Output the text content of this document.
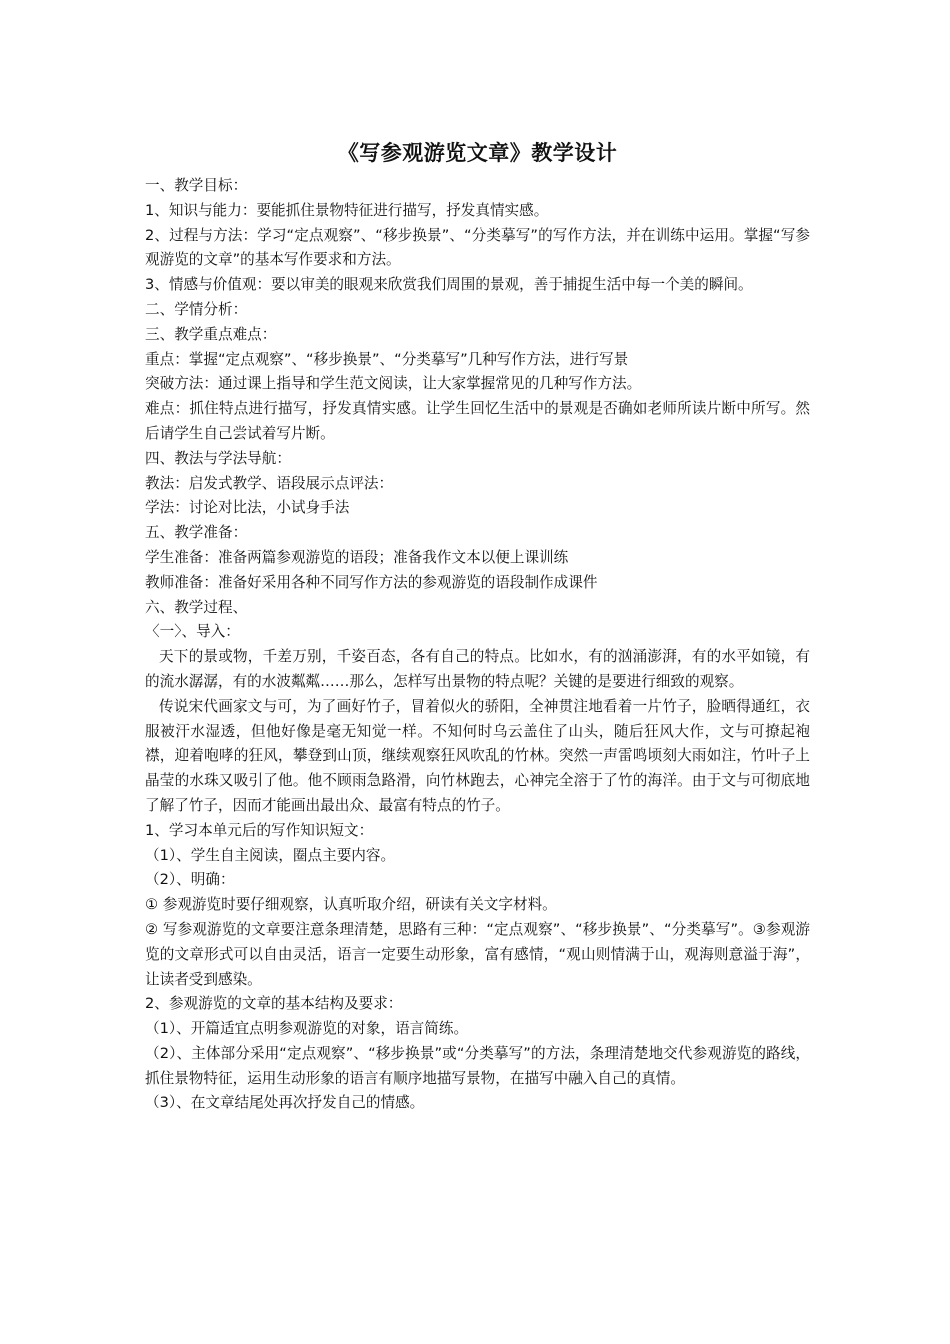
《写参观游览文章》教学设计

一、教学目标：

1、知识与能力：要能抓住景物特征进行描写，抒发真情实感。

2、过程与方法：学习“定点观察”、“移步换景”、“分类摹写”的写作方法，并在训练中运用。掌握“写参观游览的文章”的基本写作要求和方法。

3、情感与价值观：要以审美的眼观来欣赏我们周围的景观，善于捕捉生活中每一个美的瞬间。

二、学情分析：

三、教学重点难点：

重点：掌握“定点观察”、“移步换景”、“分类摹写”几种写作方法，进行写景

突破方法：通过课上指导和学生范文阅读，让大家掌握常见的几种写作方法。

难点：抓住特点进行描写，抒发真情实感。让学生回忆生活中的景观是否确如老师所读片断中所写。然后请学生自己尝试着写片断。

四、教法与学法导航：

教法：启发式教学、语段展示点评法：

学法：讨论对比法，小试身手法

五、教学准备：

学生准备：准备两篇参观游览的语段；准备我作文本以便上课训练

教师准备：准备好采用各种不同写作方法的参观游览的语段制作成课件

六、教学过程、

〈一〉、导入：

天下的景或物，千差万别，千姿百态，各有自己的特点。比如水，有的汹涌澎湃，有的水平如镜，有的流水潺潺，有的水波粼粼……那么，怎样写出景物的特点呢？关键的是要进行细致的观察。

传说宋代画家文与可，为了画好竹子，冒着似火的骄阳，全神贯注地看着一片竹子，脸晒得通红，衣服被汗水湿透，但他好像是毫无知觉一样。不知何时乌云盖住了山头，随后狂风大作，文与可撩起袍襟，迎着咆哮的狂风，攀登到山顶，继续观察狂风吹乱的竹林。突然一声雷鸣顷刻大雨如注，竹叶子上晶莹的水珠又吸引了他。他不顾雨急路滑，向竹林跑去，心神完全溶于了竹的海洋。由于文与可彻底地了解了竹子，因而才能画出最出众、最富有特点的竹子。

1、学习本单元后的写作知识短文：

（1）、学生自主阅读，圈点主要内容。

（2）、明确：

① 参观游览时要仔细观察，认真听取介绍，研读有关文字材料。

② 写参观游览的文章要注意条理清楚，思路有三种：“定点观察”、“移步换景”、“分类摹写”。③参观游览的文章形式可以自由灵活，语言一定要生动形象，富有感情，“观山则情满于山，观海则意溢于海”，让读者受到感染。

2、参观游览的文章的基本结构及要求：

（1）、开篇适宜点明参观游览的对象，语言简练。

（2）、主体部分采用“定点观察”、“移步换景”或“分类摹写”的方法，条理清楚地交代参观游览的路线，抓住景物特征，运用生动形象的语言有顺序地描写景物，在描写中融入自己的真情。

（3）、在文章结尾处再次抒发自己的情感。
